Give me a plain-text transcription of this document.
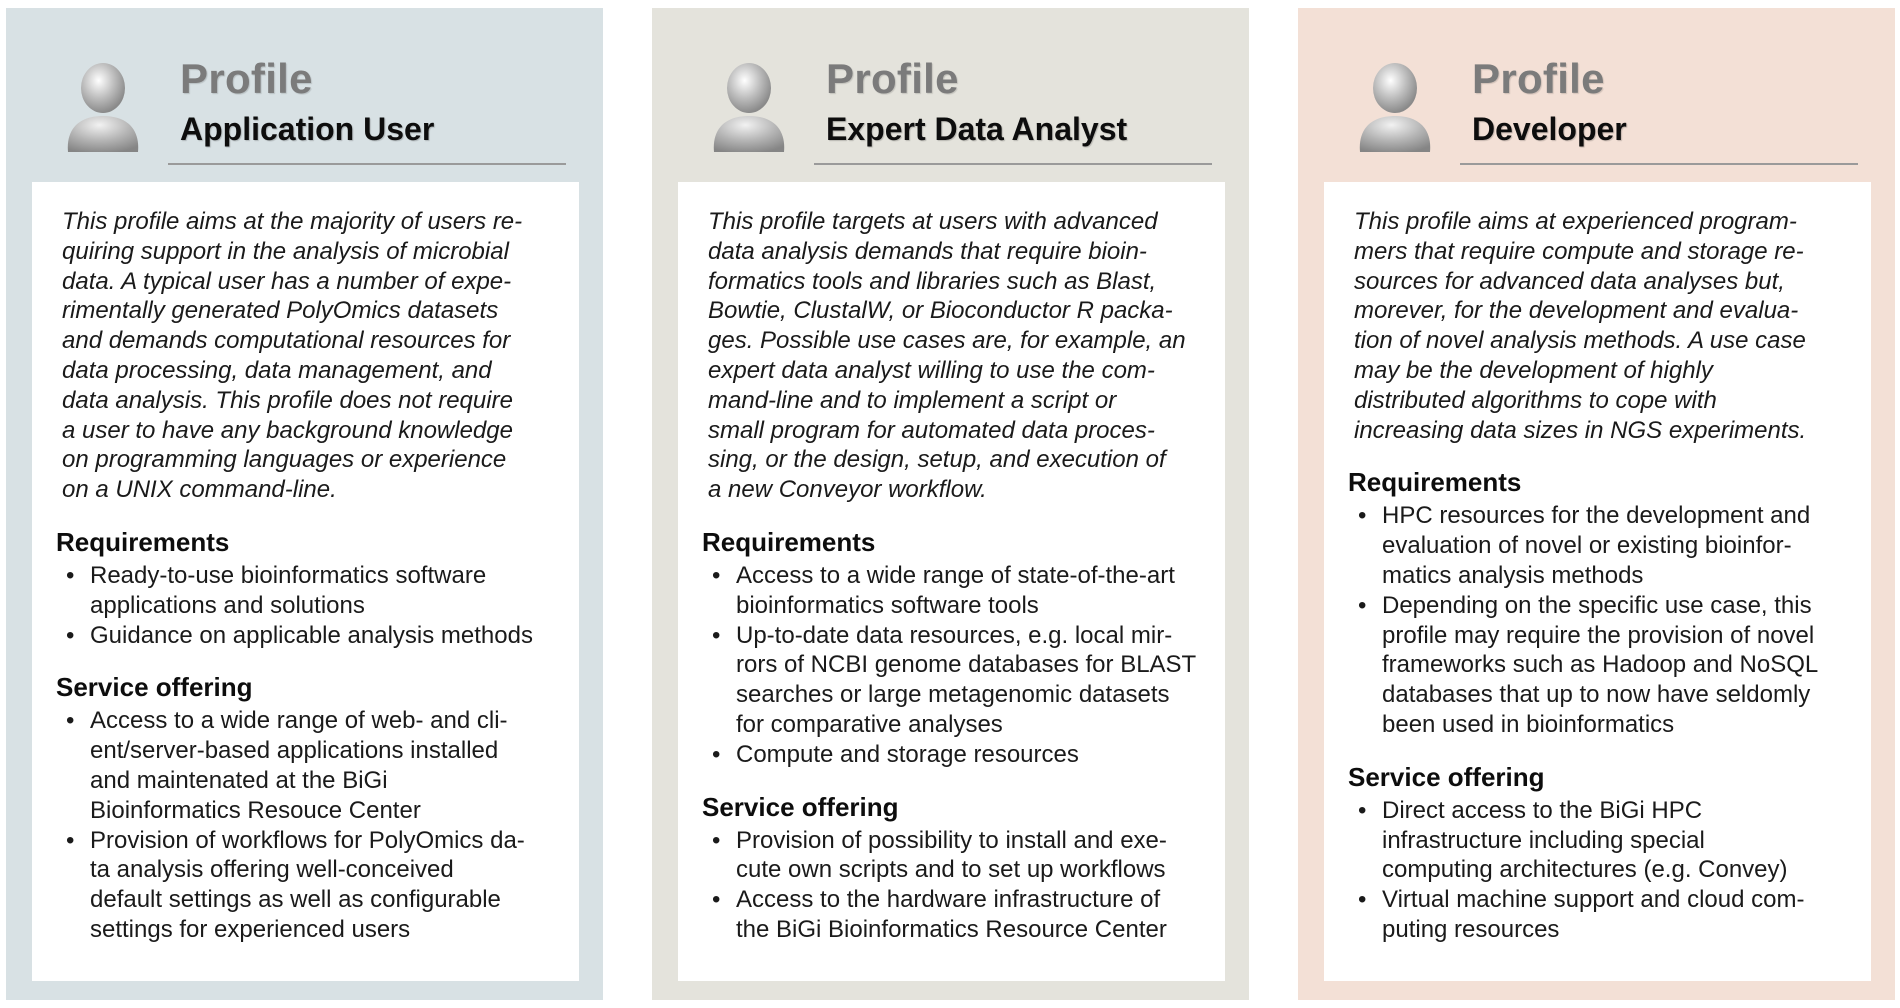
Profile
Application User

This profile aims at the majority of users re-
quiring support in the analysis of microbial
data. A typical user has a number of expe-
rimentally generated PolyOmics datasets
and demands computational resources for
data processing, data management, and
data analysis. This profile does not require
a user to have any background knowledge
on programming languages or experience
on a UNIX command-line.

Requirements
• Ready-to-use bioinformatics software
applications and solutions
• Guidance on applicable analysis methods
Service offering
• Access to a wide range of web- and cli-
ent/server-based applications installed
and maintenated at the BiGi
Bioinformatics Resouce Center
• Provision of workflows for PolyOmics da-
ta analysis offering well-conceived
default settings as well as configurable
settings for experienced users
Profile
Expert Data Analyst

This profile targets at users with advanced
data analysis demands that require bioin-
formatics tools and libraries such as Blast,
Bowtie, ClustalW, or Bioconductor R packa-
ges. Possible use cases are, for example, an
expert data analyst willing to use the com-
mand-line and to implement a script or
small program for automated data proces-
sing, or the design, setup, and execution of
a new Conveyor workflow.

Requirements
• Access to a wide range of state-of-the-art
bioinformatics software tools
• Up-to-date data resources, e.g. local mir-
rors of NCBI genome databases for BLAST
searches or large metagenomic datasets
for comparative analyses
• Compute and storage resources
Service offering
• Provision of possibility to install and exe-
cute own scripts and to set up workflows
• Access to the hardware infrastructure of
the BiGi Bioinformatics Resource Center
Profile
Developer

This profile aims at experienced program-
mers that require compute and storage re-
sources for advanced data analyses but,
morever, for the development and evalua-
tion of novel analysis methods. A use case
may be the development of highly
distributed algorithms to cope with
increasing data sizes in NGS experiments.

Requirements
• HPC resources for the development and
evaluation of novel or existing bioinfor-
matics analysis methods
• Depending on the specific use case, this
profile may require the provision of novel
frameworks such as Hadoop and NoSQL
databases that up to now have seldomly
been used in bioinformatics
Service offering
• Direct access to the BiGi HPC
infrastructure including special
computing architectures (e.g. Convey)
• Virtual machine support and cloud com-
puting resources
